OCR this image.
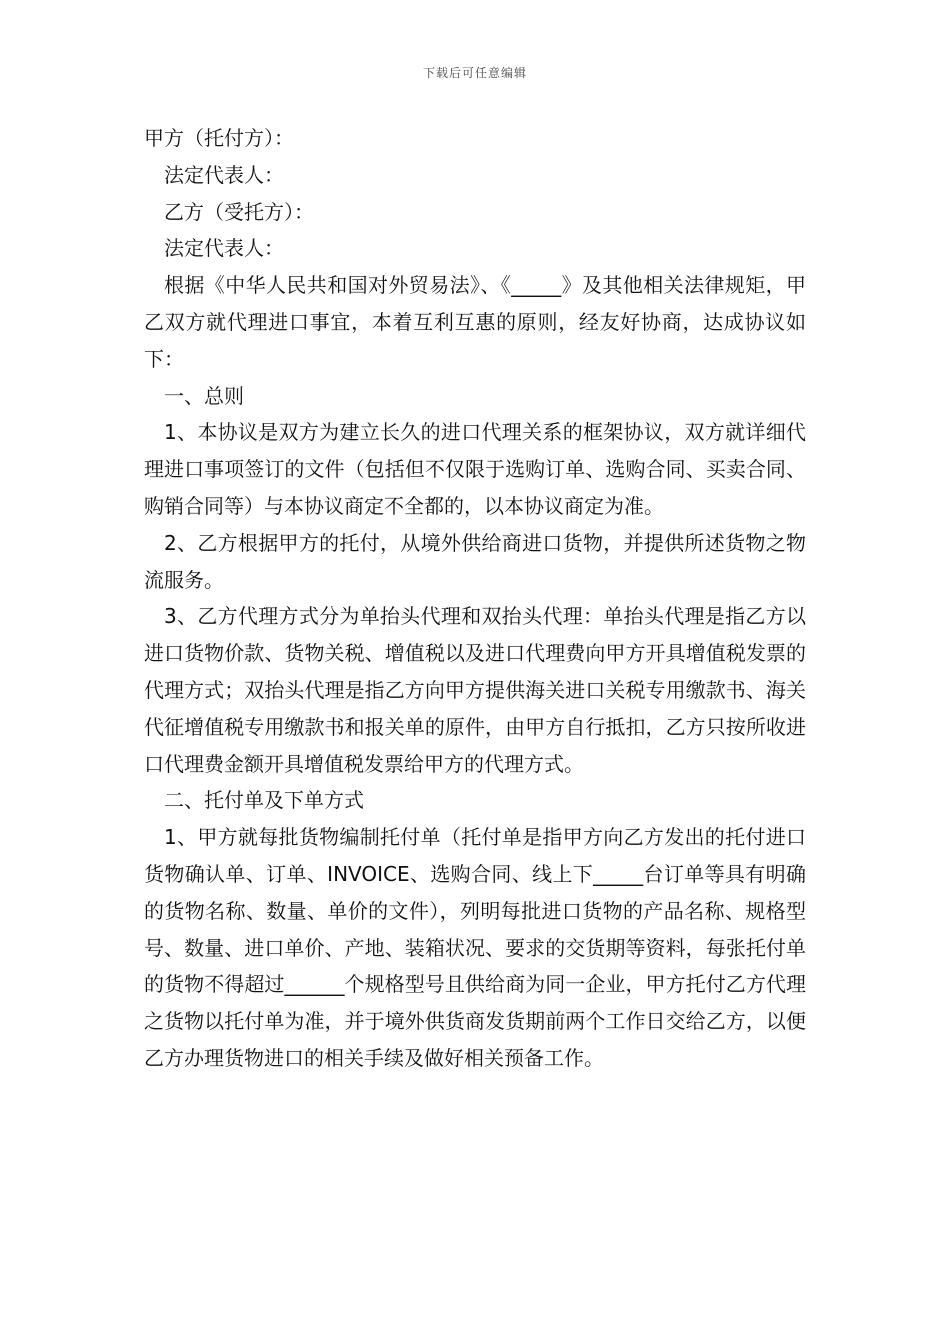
下载后可任意编辑

甲方（托付方）：

法定代表人：

乙方（受托方）：

法定代表人：

根据《中华人民共和国对外贸易法》、《_____》及其他相关法律规矩，甲乙双方就代理进口事宜，本着互利互惠的原则，经友好协商，达成协议如下：

一、总则

1、本协议是双方为建立长久的进口代理关系的框架协议，双方就详细代理进口事项签订的文件（包括但不仅限于选购订单、选购合同、买卖合同、购销合同等）与本协议商定不全都的，以本协议商定为准。

2、乙方根据甲方的托付，从境外供给商进口货物，并提供所述货物之物流服务。

3、乙方代理方式分为单抬头代理和双抬头代理：单抬头代理是指乙方以进口货物价款、货物关税、增值税以及进口代理费向甲方开具增值税发票的代理方式；双抬头代理是指乙方向甲方提供海关进口关税专用缴款书、海关代征增值税专用缴款书和报关单的原件，由甲方自行抵扣，乙方只按所收进口代理费金额开具增值税发票给甲方的代理方式。

二、托付单及下单方式

1、甲方就每批货物编制托付单（托付单是指甲方向乙方发出的托付进口货物确认单、订单、INVOICE、选购合同、线上下_____台订单等具有明确的货物名称、数量、单价的文件），列明每批进口货物的产品名称、规格型号、数量、进口单价、产地、装箱状况、要求的交货期等资料，每张托付单的货物不得超过______个规格型号且供给商为同一企业，甲方托付乙方代理之货物以托付单为准，并于境外供货商发货期前两个工作日交给乙方，以便乙方办理货物进口的相关手续及做好相关预备工作。
